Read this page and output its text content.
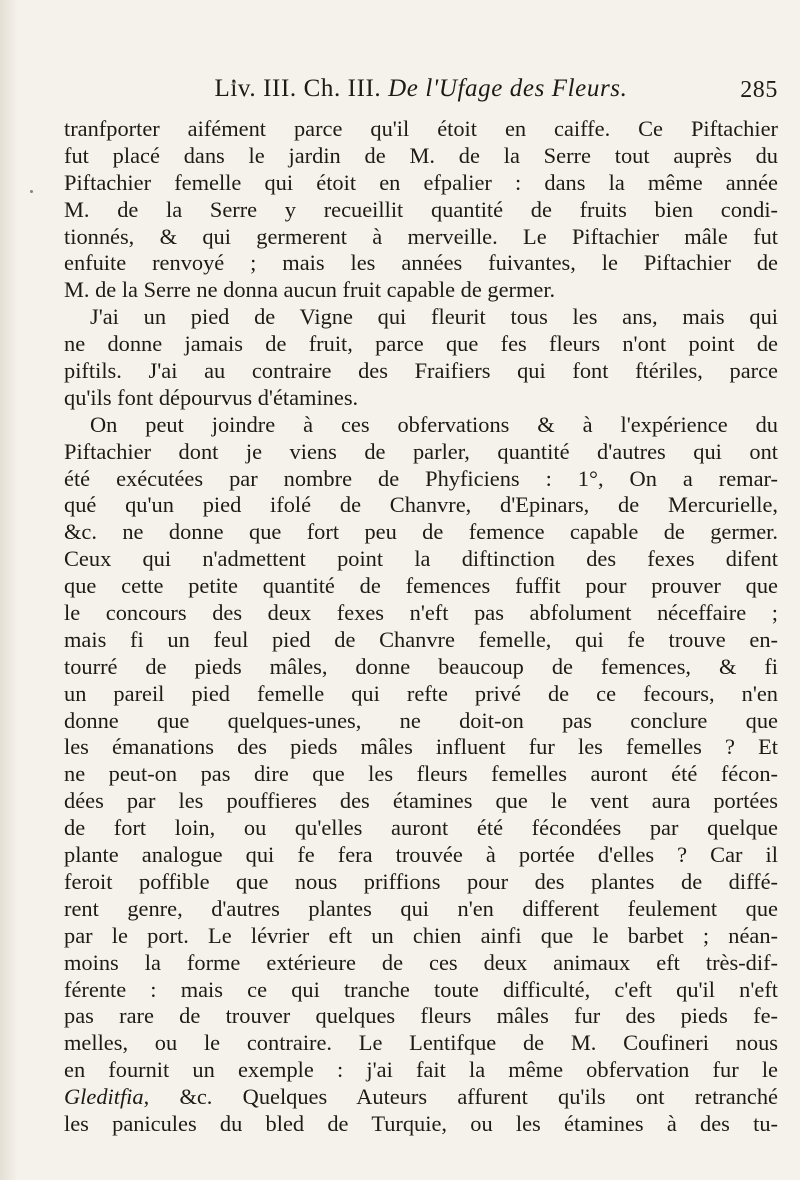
Liv. III. Ch. III. De l'Ufage des Fleurs.	285

tranfporter aifément parce qu'il étoit en caiffe. Ce Piftachier
fut placé dans le jardin de M. de la Serre tout auprès du
Piftachier femelle qui étoit en efpalier : dans la même année
M. de la Serre y recueillit quantité de fruits bien condi-
tionnés, & qui germerent à merveille. Le Piftachier mâle fut
enfuite renvoyé ; mais les années fuivantes, le Piftachier de
M. de la Serre ne donna aucun fruit capable de germer.

J'ai un pied de Vigne qui fleurit tous les ans, mais qui
ne donne jamais de fruit, parce que fes fleurs n'ont point de
piftils. J'ai au contraire des Fraifiers qui font ftériles, parce
qu'ils font dépourvus d'étamines.

On peut joindre à ces obfervations & à l'expérience du
Piftachier dont je viens de parler, quantité d'autres qui ont
été exécutées par nombre de Phyficiens : 1°, On a remar-
qué qu'un pied ifolé de Chanvre, d'Epinars, de Mercurielle,
&c. ne donne que fort peu de femence capable de germer.
Ceux qui n'admettent point la diftinction des fexes difent
que cette petite quantité de femences fuffit pour prouver que
le concours des deux fexes n'eft pas abfolument néceffaire ;
mais fi un feul pied de Chanvre femelle, qui fe trouve en-
tourré de pieds mâles, donne beaucoup de femences, & fi
un pareil pied femelle qui refte privé de ce fecours, n'en
donne que quelques-unes, ne doit-on pas conclure que
les émanations des pieds mâles influent fur les femelles ? Et
ne peut-on pas dire que les fleurs femelles auront été fécon-
dées par les pouffieres des étamines que le vent aura portées
de fort loin, ou qu'elles auront été fécondées par quelque
plante analogue qui fe fera trouvée à portée d'elles ? Car il
feroit poffible que nous priffions pour des plantes de diffé-
rent genre, d'autres plantes qui n'en different feulement que
par le port. Le lévrier eft un chien ainfi que le barbet ; néan-
moins la forme extérieure de ces deux animaux eft très-dif-
férente : mais ce qui tranche toute difficulté, c'eft qu'il n'eft
pas rare de trouver quelques fleurs mâles fur des pieds fe-
melles, ou le contraire. Le Lentifque de M. Coufineri nous
en fournit un exemple : j'ai fait la même obfervation fur le
Gleditfia, &c. Quelques Auteurs affurent qu'ils ont retranché
les panicules du bled de Turquie, ou les étamines à des tu-
